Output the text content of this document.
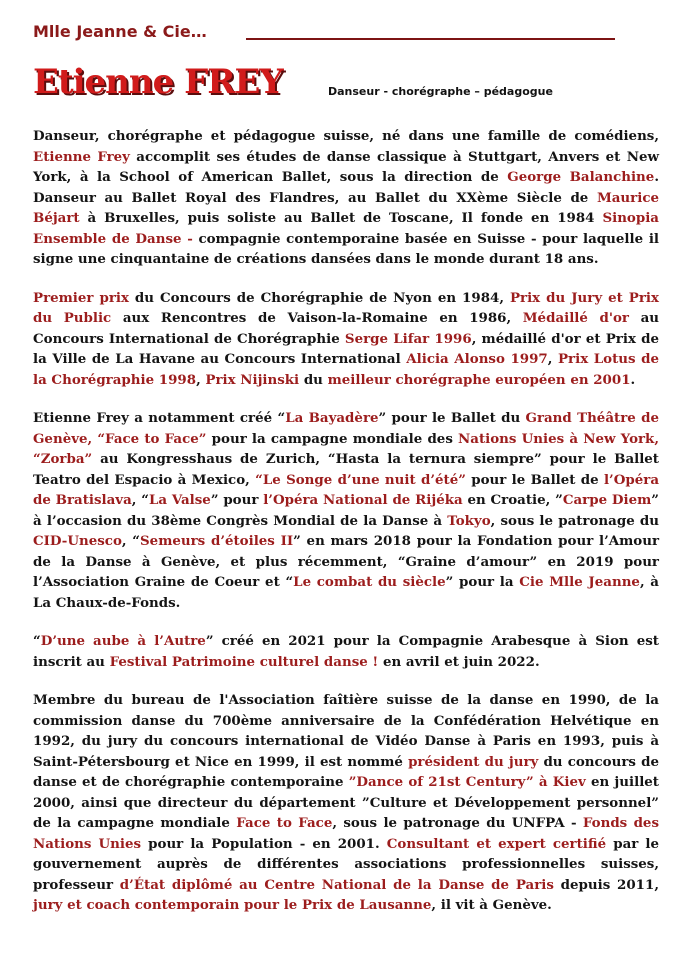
Mlle Jeanne & Cie…
Etienne FREY	Danseur - chorégraphe – pédagogue

Danseur, chorégraphe et pédagogue suisse, né dans une famille de comédiens, Etienne Frey accomplit ses études de danse classique à Stuttgart, Anvers et New York, à la School of American Ballet, sous la direction de George Balanchine. Danseur au Ballet Royal des Flandres, au Ballet du XXème Siècle de Maurice Béjart à Bruxelles, puis soliste au Ballet de Toscane, Il fonde en 1984 Sinopia Ensemble de Danse - compagnie contemporaine basée en Suisse - pour laquelle il signe une cinquantaine de créations dansées dans le monde durant 18 ans.

Premier prix du Concours de Chorégraphie de Nyon en 1984, Prix du Jury et Prix du Public aux Rencontres de Vaison-la-Romaine en 1986, Médaillé d'or au Concours International de Chorégraphie Serge Lifar 1996, médaillé d'or et Prix de la Ville de La Havane au Concours International Alicia Alonso 1997, Prix Lotus de la Chorégraphie 1998, Prix Nijinski du meilleur chorégraphe européen en 2001.

Etienne Frey a notamment créé “La Bayadère” pour le Ballet du Grand Théâtre de Genève, “Face to Face” pour la campagne mondiale des Nations Unies à New York, “Zorba” au Kongresshaus de Zurich, “Hasta la ternura siempre” pour le Ballet Teatro del Espacio à Mexico, “Le Songe d’une nuit d’été” pour le Ballet de l’Opéra de Bratislava, “La Valse” pour l’Opéra National de Rijéka en Croatie, ”Carpe Diem” à l’occasion du 38ème Congrès Mondial de la Danse à Tokyo, sous le patronage du CID-Unesco, “Semeurs d’étoiles II” en mars 2018 pour la Fondation pour l’Amour de la Danse à Genève, et plus récemment, “Graine d’amour” en 2019 pour l’Association Graine de Coeur et “Le combat du siècle” pour la Cie Mlle Jeanne, à La Chaux-de-Fonds.

“D’une aube à l’Autre” créé en 2021 pour la Compagnie Arabesque à Sion est inscrit au Festival Patrimoine culturel danse ! en avril et juin 2022.

Membre du bureau de l'Association faîtière suisse de la danse en 1990, de la commission danse du 700ème anniversaire de la Confédération Helvétique en 1992, du jury du concours international de Vidéo Danse à Paris en 1993, puis à Saint-Pétersbourg et Nice en 1999, il est nommé président du jury du concours de danse et de chorégraphie contemporaine ”Dance of 21st Century” à Kiev en juillet 2000, ainsi que directeur du département ”Culture et Développement personnel” de la campagne mondiale Face to Face, sous le patronage du UNFPA - Fonds des Nations Unies pour la Population - en 2001. Consultant et expert certifié par le gouvernement auprès de différentes associations professionnelles suisses, professeur d’État diplômé au Centre National de la Danse de Paris depuis 2011, jury et coach contemporain pour le Prix de Lausanne, il vit à Genève.
